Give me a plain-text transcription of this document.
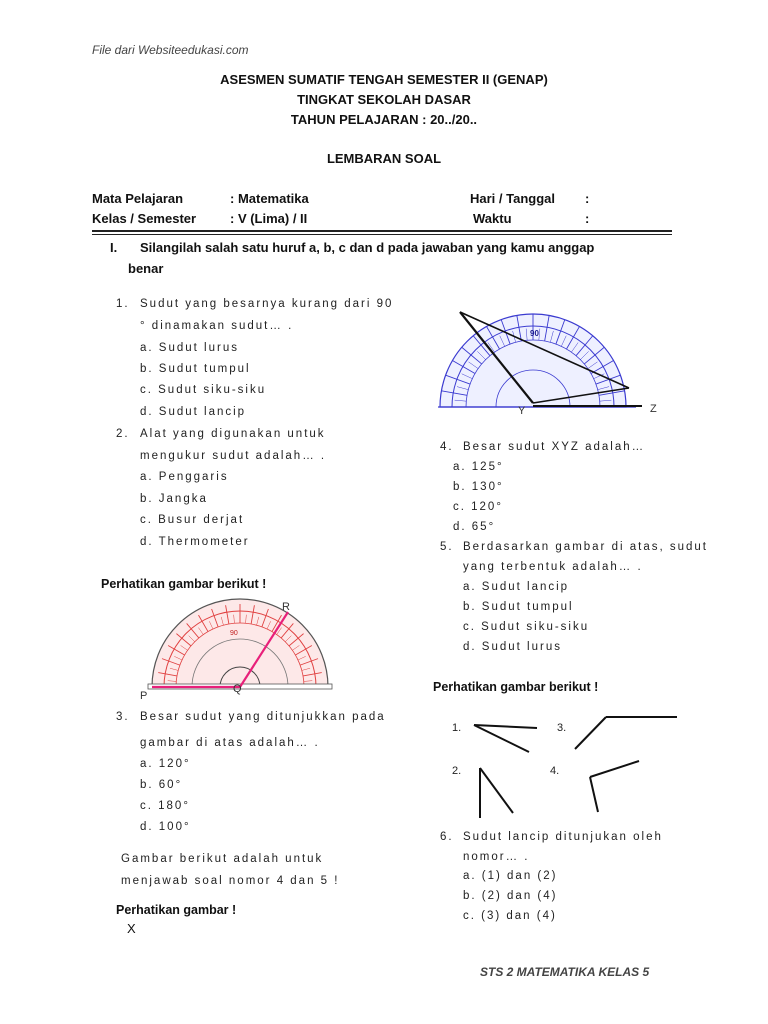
File dari Websiteedukasi.com
ASESMEN SUMATIF TENGAH SEMESTER II (GENAP)
TINGKAT SEKOLAH DASAR
TAHUN PELAJARAN : 20../20..
LEMBARAN SOAL
Mata Pelajaran	: Matematika	Hari / Tanggal :
Kelas / Semester	: V (Lima) / II	Waktu	:
I. Silangilah salah satu huruf a, b, c dan d pada jawaban yang kamu anggap
benar
1. Sudut yang besarnya kurang dari 90
° dinamakan sudut… .
a. Sudut lurus
b. Sudut tumpul
c. Sudut siku-siku
d. Sudut lancip
2. Alat yang digunakan untuk
mengukur sudut adalah… .
a. Penggaris
b. Jangka
c. Busur derjat
d. Thermometer
Perhatikan gambar berikut !
90
R
P
Q
3. Besar sudut yang ditunjukkan pada
gambar di atas adalah… .
a. 120°
b. 60°
c. 180°
d. 100°
Gambar berikut adalah untuk
menjawab soal nomor 4 dan 5 !
Perhatikan gambar !
X
90
Y	Z
4. Besar sudut XYZ adalah…
a. 125°
b. 130°
c. 120°
d. 65°
5. Berdasarkan gambar di atas, sudut
yang terbentuk adalah… .
a. Sudut lancip
b. Sudut tumpul
c. Sudut siku-siku
d. Sudut lurus
Perhatikan gambar berikut !
1.
2.
3.
4.
6. Sudut lancip ditunjukan oleh
nomor… .
a. (1) dan (2)
b. (2) dan (4)
c. (3) dan (4)
STS 2 MATEMATIKA KELAS 5
